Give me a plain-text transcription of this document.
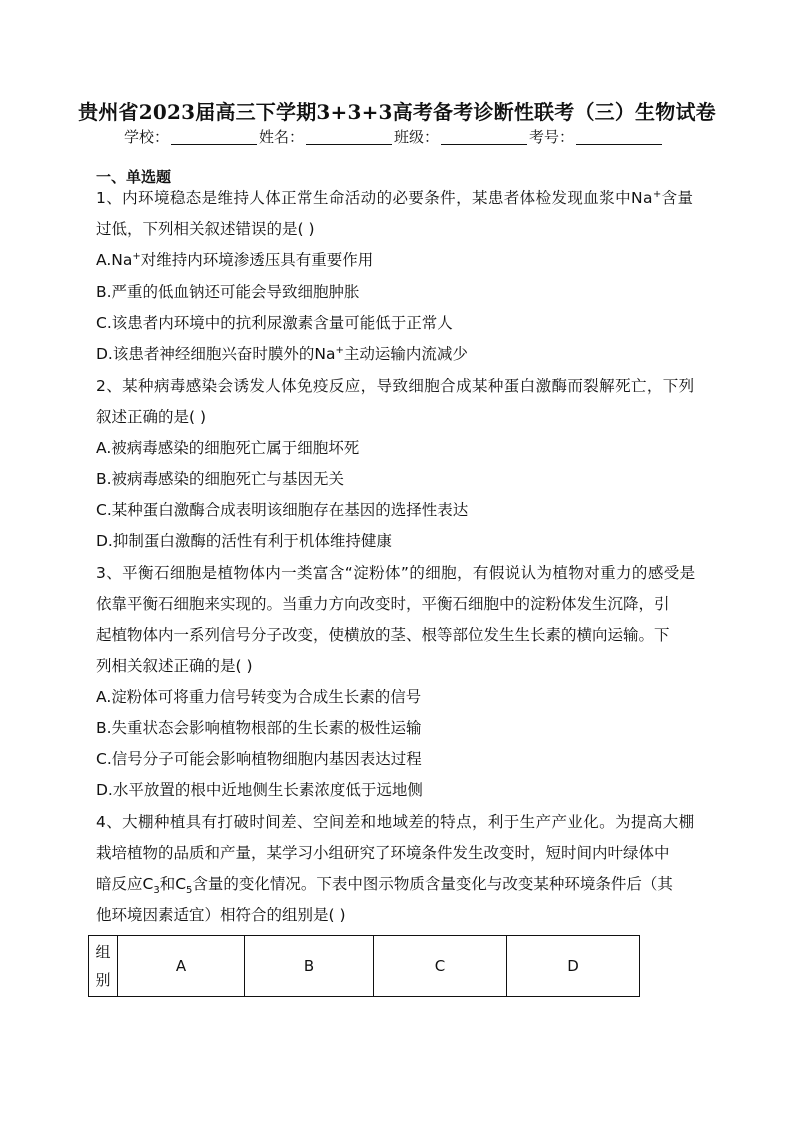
贵州省2023届高三下学期3+3+3高考备考诊断性联考（三）生物试卷
学校：	姓名：	班级：	考号：
一、单选题
1、内环境稳态是维持人体正常生命活动的必要条件，某患者体检发现血浆中Na+含量
过低，下列相关叙述错误的是( )
A.Na+对维持内环境渗透压具有重要作用
B.严重的低血钠还可能会导致细胞肿胀
C.该患者内环境中的抗利尿激素含量可能低于正常人
D.该患者神经细胞兴奋时膜外的Na+主动运输内流减少
2、某种病毒感染会诱发人体免疫反应，导致细胞合成某种蛋白激酶而裂解死亡，下列
叙述正确的是( )
A.被病毒感染的细胞死亡属于细胞坏死
B.被病毒感染的细胞死亡与基因无关
C.某种蛋白激酶合成表明该细胞存在基因的选择性表达
D.抑制蛋白激酶的活性有利于机体维持健康
3、平衡石细胞是植物体内一类富含“淀粉体”的细胞，有假说认为植物对重力的感受是
依靠平衡石细胞来实现的。当重力方向改变时，平衡石细胞中的淀粉体发生沉降，引
起植物体内一系列信号分子改变，使横放的茎、根等部位发生生长素的横向运输。下
列相关叙述正确的是( )
A.淀粉体可将重力信号转变为合成生长素的信号
B.失重状态会影响植物根部的生长素的极性运输
C.信号分子可能会影响植物细胞内基因表达过程
D.水平放置的根中近地侧生长素浓度低于远地侧
4、大棚种植具有打破时间差、空间差和地域差的特点，利于生产产业化。为提高大棚
栽培植物的品质和产量，某学习小组研究了环境条件发生改变时，短时间内叶绿体中
暗反应$C_3$和$C_5$含量的变化情况。下表中图示物质含量变化与改变某种环境条件后（其
他环境因素适宜）相符合的组别是( )
组别	A	B	C	D
